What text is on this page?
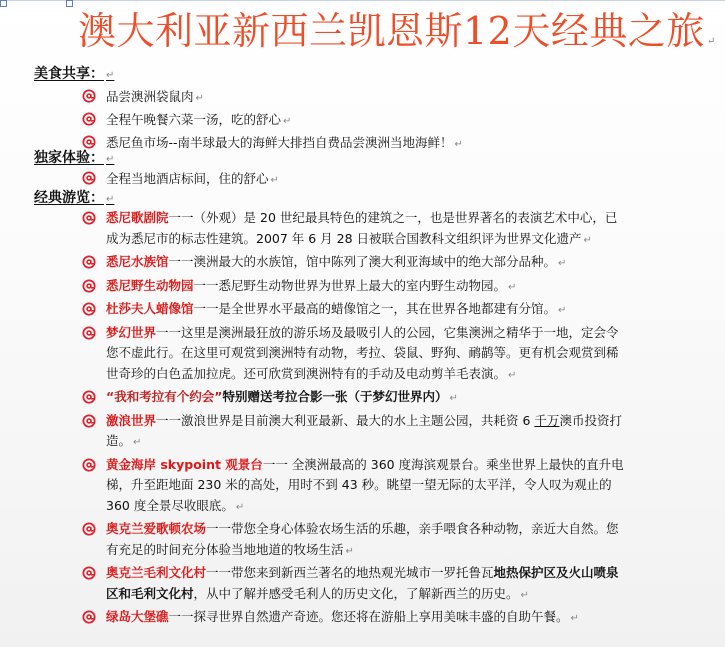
澳大利亚新西兰凯恩斯12天经典之旅 ↵
美食共享： ↵
品尝澳洲袋鼠肉 ↵
全程午晚餐六菜一汤，吃的舒心 ↵
悉尼鱼市场--南半球最大的海鲜大排挡自费品尝澳洲当地海鲜！ ↵
独家体验： ↵
全程当地酒店标间，住的舒心 ↵
经典游览： ↵
悉尼歌剧院一一（外观）是 20 世纪最具特色的建筑之一，也是世界著名的表演艺术中心，已成为悉尼市的标志性建筑。2007 年 6 月 28 日被联合国教科文组织评为世界文化遗产 ↵
悉尼水族馆一一澳洲最大的水族馆，馆中陈列了澳大利亚海域中的绝大部分品种。 ↵
悉尼野生动物园一一悉尼野生动物世界为世界上最大的室内野生动物园。 ↵
杜莎夫人蜡像馆一一是全世界水平最高的蜡像馆之一，其在世界各地都建有分馆。 ↵
梦幻世界一一这里是澳洲最狂放的游乐场及最吸引人的公园，它集澳洲之精华于一地，定会令您不虚此行。在这里可观赏到澳洲特有动物，考拉、袋鼠、野狗、鸸鹋等。更有机会观赏到稀世奇珍的白色孟加拉虎。还可欣赏到澳洲特有的手动及电动剪羊毛表演。 ↵
“我和考拉有个约会”特别赠送考拉合影一张（于梦幻世界内） ↵
激浪世界一一激浪世界是目前澳大利亚最新、最大的水上主题公园，共耗资 6 千万澳币投资打造。 ↵
黄金海岸 skypoint 观景台一一 全澳洲最高的 360 度海滨观景台。乘坐世界上最快的直升电梯，升至距地面 230 米的高处，用时不到 43 秒。眺望一望无际的太平洋，令人叹为观止的 360 度全景尽收眼底。 ↵
奥克兰爱歌顿农场一一带您全身心体验农场生活的乐趣，亲手喂食各种动物，亲近大自然。您有充足的时间充分体验当地地道的牧场生活 ↵
奥克兰毛利文化村一一带您来到新西兰著名的地热观光城市一罗托鲁瓦地热保护区及火山喷泉区和毛利文化村，从中了解并感受毛利人的历史文化，了解新西兰的历史。 ↵
绿岛大堡礁一一探寻世界自然遗产奇迹。您还将在游船上享用美味丰盛的自助午餐。 ↵
